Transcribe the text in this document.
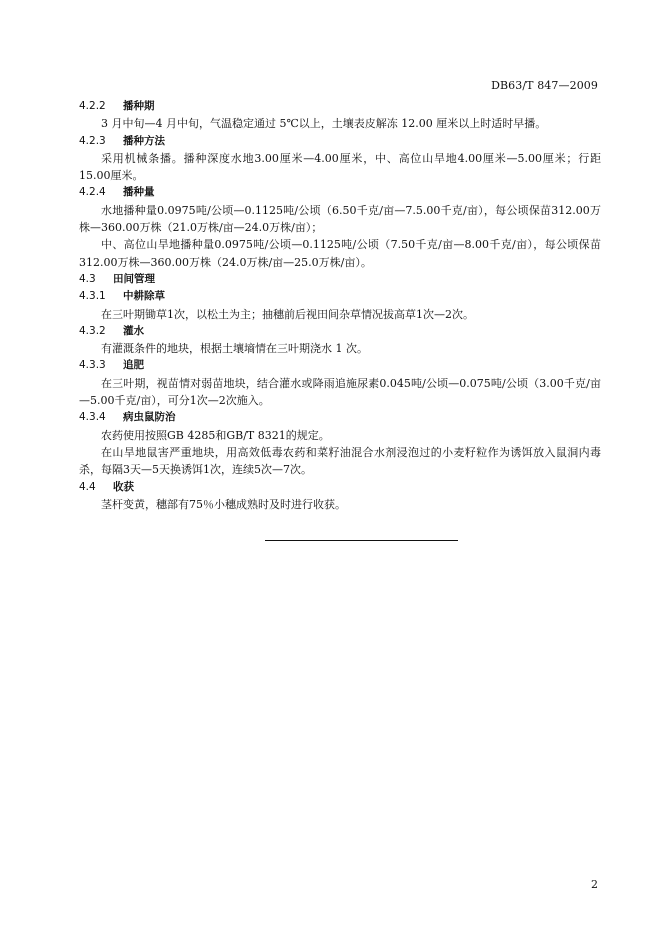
DB63/T 847—2009
4.2.2 播种期

3 月中旬—4 月中旬，气温稳定通过 5℃以上，土壤表皮解冻 12.00 厘米以上时适时早播。

4.2.3 播种方法

采用机械条播。播种深度水地3.00厘米—4.00厘米，中、高位山旱地4.00厘米—5.00厘米；行距15.00厘米。

4.2.4 播种量

水地播种量0.0975吨/公顷—0.1125吨/公顷（6.50千克/亩—7.5.00千克/亩），每公顷保苗312.00万株—360.00万株（21.0万株/亩—24.0万株/亩）；

中、高位山旱地播种量0.0975吨/公顷—0.1125吨/公顷（7.50千克/亩—8.00千克/亩），每公顷保苗312.00万株—360.00万株（24.0万株/亩—25.0万株/亩）。

4.3 田间管理
4.3.1 中耕除草

在三叶期锄草1次，以松土为主；抽穗前后视田间杂草情况拔高草1次—2次。

4.3.2 灌水

有灌溉条件的地块，根据土壤墒情在三叶期浇水 1 次。

4.3.3 追肥

在三叶期，视苗情对弱苗地块，结合灌水或降雨追施尿素0.045吨/公顷—0.075吨/公顷（3.00千克/亩—5.00千克/亩），可分1次—2次施入。

4.3.4 病虫鼠防治

农药使用按照GB 4285和GB/T 8321的规定。

在山旱地鼠害严重地块，用高效低毒农药和菜籽油混合水剂浸泡过的小麦籽粒作为诱饵放入鼠洞内毒杀，每隔3天—5天换诱饵1次，连续5次—7次。

4.4 收获

茎杆变黄，穗部有75％小穗成熟时及时进行收获。

2
